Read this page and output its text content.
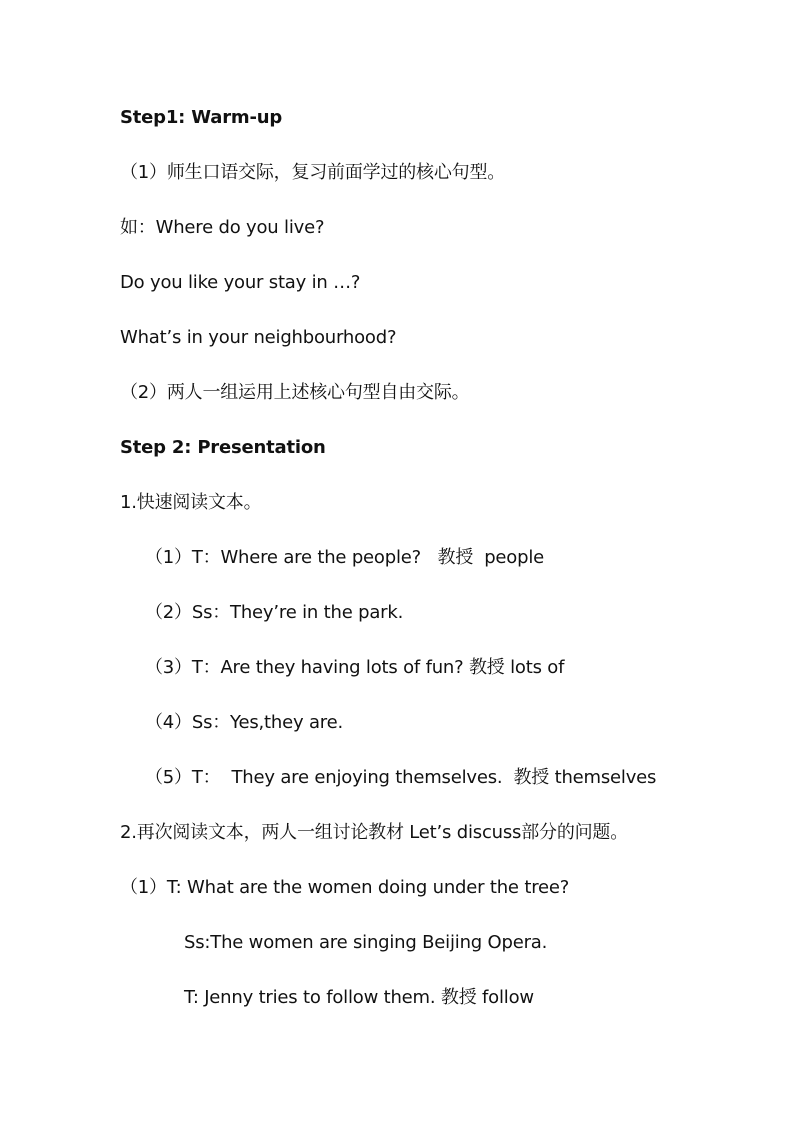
Step1: Warm-up
（1）师生口语交际，复习前面学过的核心句型。
如：Where do you live?
Do you like your stay in …?
What’s in your neighbourhood?
（2）两人一组运用上述核心句型自由交际。
Step 2: Presentation
1.快速阅读文本。
（1）T：Where are the people?   教授  people
（2）Ss：They’re in the park.
（3）T：Are they having lots of fun? 教授 lots of
（4）Ss：Yes,they are.
（5）T：  They are enjoying themselves.  教授 themselves
2.再次阅读文本，两人一组讨论教材 Let’s discuss部分的问题。
（1）T: What are the women doing under the tree?
Ss:The women are singing Beijing Opera.
T: Jenny tries to follow them. 教授 follow
